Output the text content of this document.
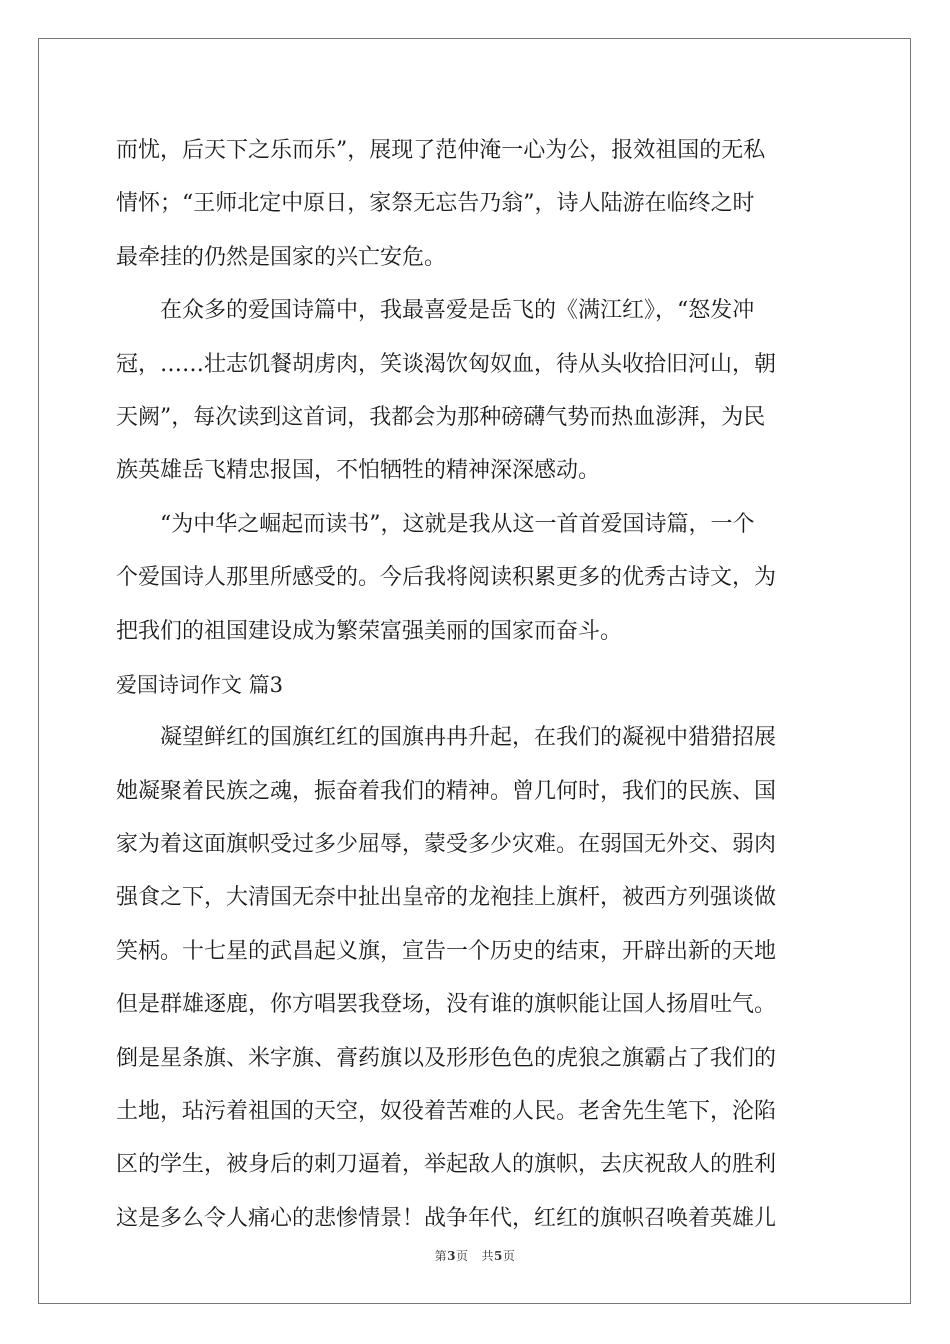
而忧，后天下之乐而乐”，展现了范仲淹一心为公，报效祖国的无私
情怀；“王师北定中原日，家祭无忘告乃翁”，诗人陆游在临终之时
最牵挂的仍然是国家的兴亡安危。
在众多的爱国诗篇中，我最喜爱是岳飞的《满江红》，“怒发冲
冠，……壮志饥餐胡虏肉，笑谈渴饮匈奴血，待从头收拾旧河山，朝
天阙”，每次读到这首词，我都会为那种磅礴气势而热血澎湃，为民
族英雄岳飞精忠报国，不怕牺牲的精神深深感动。
“为中华之崛起而读书”，这就是我从这一首首爱国诗篇，一个
个爱国诗人那里所感受的。今后我将阅读积累更多的优秀古诗文，为
把我们的祖国建设成为繁荣富强美丽的国家而奋斗。
爱国诗词作文 篇3
凝望鲜红的国旗红红的国旗冉冉升起，在我们的凝视中猎猎招展
她凝聚着民族之魂，振奋着我们的精神。曾几何时，我们的民族、国
家为着这面旗帜受过多少屈辱，蒙受多少灾难。在弱国无外交、弱肉
强食之下，大清国无奈中扯出皇帝的龙袍挂上旗杆，被西方列强谈做
笑柄。十七星的武昌起义旗，宣告一个历史的结束，开辟出新的天地
但是群雄逐鹿，你方唱罢我登场，没有谁的旗帜能让国人扬眉吐气。
倒是星条旗、米字旗、膏药旗以及形形色色的虎狼之旗霸占了我们的
土地，玷污着祖国的天空，奴役着苦难的人民。老舍先生笔下，沦陷
区的学生，被身后的刺刀逼着，举起敌人的旗帜，去庆祝敌人的胜利
这是多么令人痛心的悲惨情景！战争年代，红红的旗帜召唤着英雄儿
第3页 共5页
